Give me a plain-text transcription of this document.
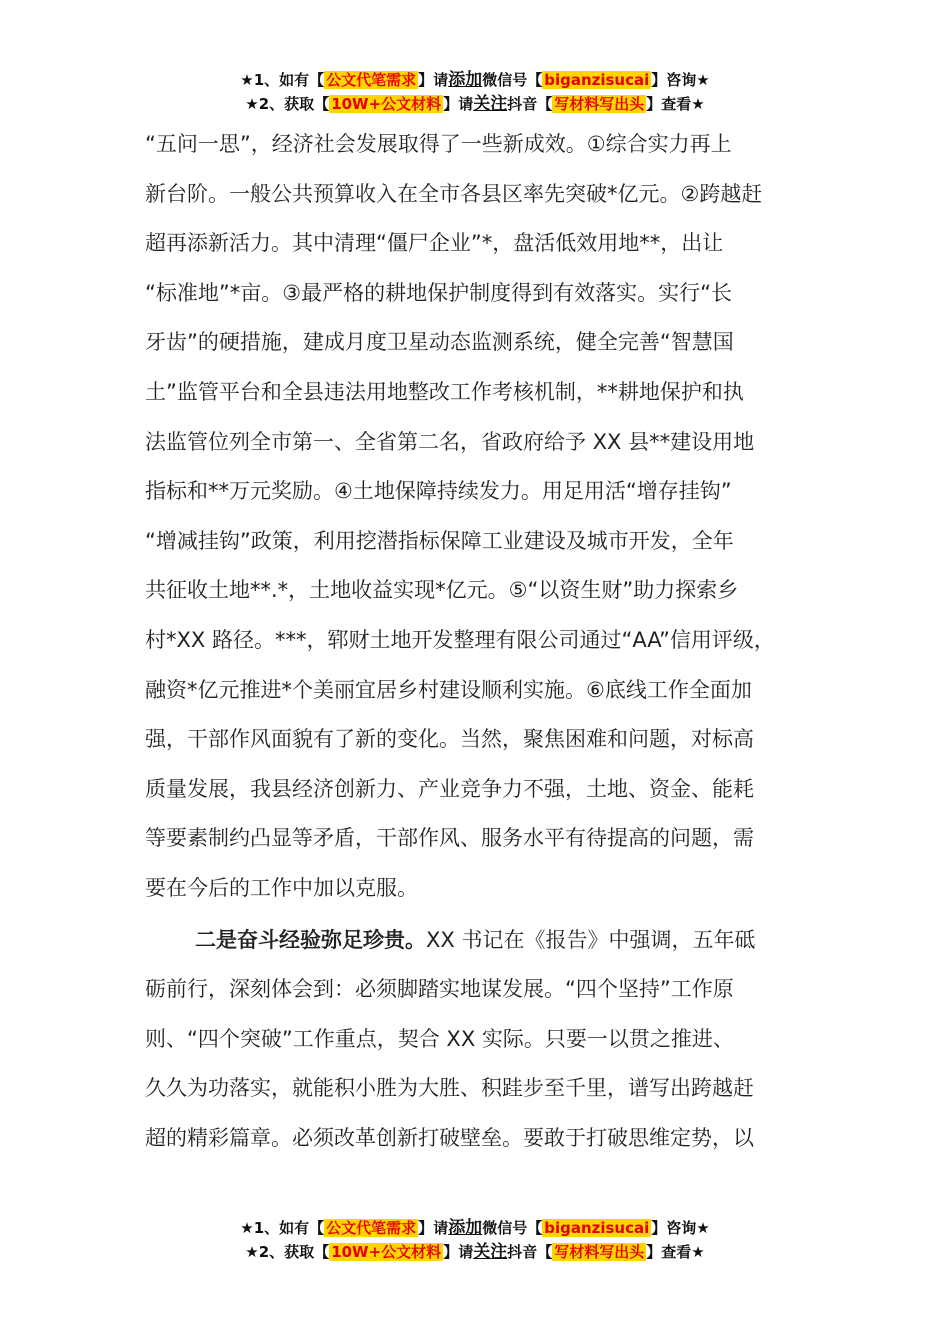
★1、如有【 公文代笔需求 】请添加微信号【 biganzisucai 】咨询★
★2、获取【 10W+公文材料 】请关注抖音【 写材料写出头 】查看★
“五问一思”，经济社会发展取得了一些新成效。①综合实力再上
新台阶。一般公共预算收入在全市各县区率先突破*亿元。②跨越赶
超再添新活力。其中清理“僵尸企业”*，盘活低效用地**，出让
“标准地”*亩。③最严格的耕地保护制度得到有效落实。实行“长
牙齿”的硬措施，建成月度卫星动态监测系统，健全完善“智慧国
土”监管平台和全县违法用地整改工作考核机制，**耕地保护和执
法监管位列全市第一、全省第二名，省政府给予 XX 县**建设用地
指标和**万元奖励。④土地保障持续发力。用足用活“增存挂钩”
“增减挂钩”政策，利用挖潜指标保障工业建设及城市开发，全年
共征收土地**.*，土地收益实现*亿元。⑤“以资生财”助力探索乡
村*XX 路径。***，郓财土地开发整理有限公司通过“AA”信用评级，
融资*亿元推进*个美丽宜居乡村建设顺利实施。⑥底线工作全面加
强，干部作风面貌有了新的变化。当然，聚焦困难和问题，对标高
质量发展，我县经济创新力、产业竞争力不强，土地、资金、能耗
等要素制约凸显等矛盾，干部作风、服务水平有待提高的问题，需
要在今后的工作中加以克服。
二是奋斗经验弥足珍贵。XX 书记在《报告》中强调，五年砥
砺前行，深刻体会到：必须脚踏实地谋发展。“四个坚持”工作原
则、“四个突破”工作重点，契合 XX 实际。只要一以贯之推进、
久久为功落实，就能积小胜为大胜、积跬步至千里，谱写出跨越赶
超的精彩篇章。必须改革创新打破壁垒。要敢于打破思维定势，以
★1、如有【 公文代笔需求 】请添加微信号【 biganzisucai 】咨询★
★2、获取【 10W+公文材料 】请关注抖音【 写材料写出头 】查看★
